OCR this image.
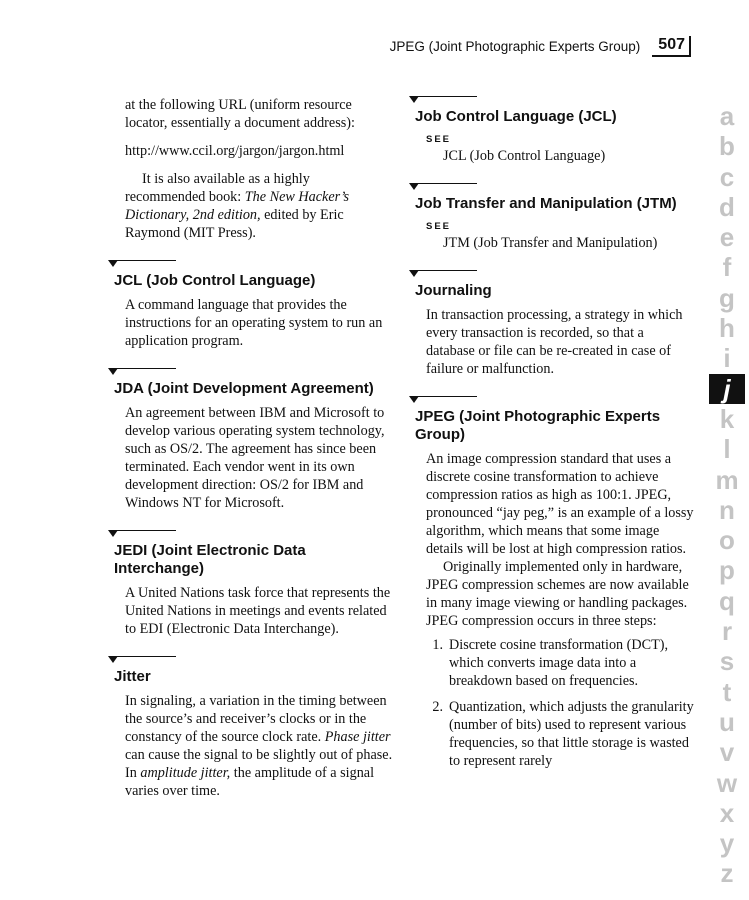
JPEG (Joint Photographic Experts Group)	507

at the following URL (uniform resource locator, essentially a document address):

http://www.ccil.org/jargon/jargon.html

It is also available as a highly recommended book: The New Hacker’s Dictionary, 2nd edition, edited by Eric Raymond (MIT Press).

JCL (Job Control Language)

A command language that provides the instructions for an operating system to run an application program.

JDA (Joint Development Agreement)

An agreement between IBM and Microsoft to develop various operating system technology, such as OS/2. The agreement has since been terminated. Each vendor went in its own development direction: OS/2 for IBM and Windows NT for Microsoft.

JEDI (Joint Electronic Data Interchange)

A United Nations task force that represents the United Nations in meetings and events related to EDI (Electronic Data Interchange).

Jitter

In signaling, a variation in the timing between the source’s and receiver’s clocks or in the constancy of the source clock rate. Phase jitter can cause the signal to be slightly out of phase. In amplitude jitter, the amplitude of a signal varies over time.

Job Control Language (JCL)
SEE

JCL (Job Control Language)

Job Transfer and Manipulation (JTM)
SEE

JTM (Job Transfer and Manipulation)

Journaling

In transaction processing, a strategy in which every transaction is recorded, so that a database or file can be re-created in case of failure or malfunction.

JPEG (Joint Photographic Experts Group)

An image compression standard that uses a discrete cosine transformation to achieve compression ratios as high as 100:1. JPEG, pronounced “jay peg,” is an example of a lossy algorithm, which means that some image details will be lost at high compression ratios.

Originally implemented only in hardware, JPEG compression schemes are now available in many image viewing or handling packages. JPEG compression occurs in three steps:

1. Discrete cosine transformation (DCT), which converts image data into a breakdown based on frequencies.
2. Quantization, which adjusts the granularity (number of bits) used to represent various frequencies, so that little storage is wasted to represent rarely
a
b
c
d
e
f
g
h
i
j
k
l
m
n
o
p
q
r
s
t
u
v
w
x
y
z
